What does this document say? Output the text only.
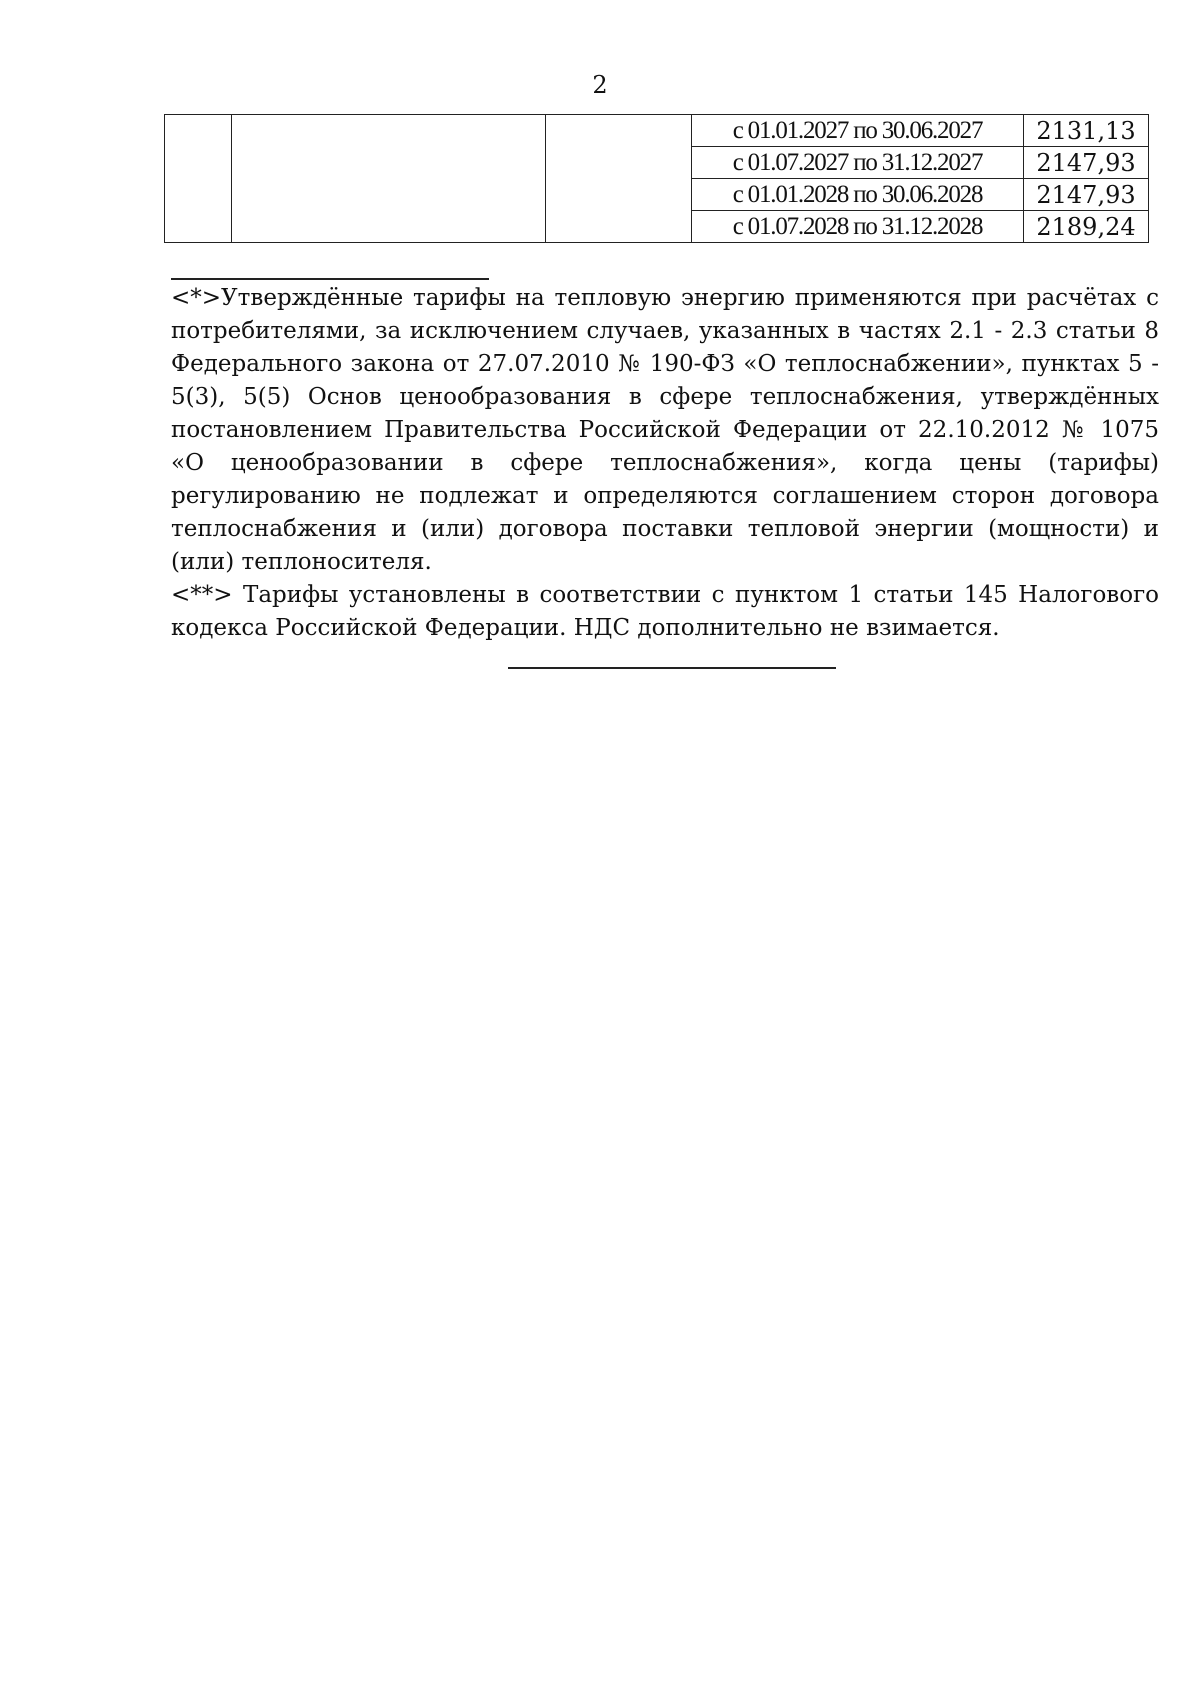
2
			с 01.01.2027 по 30.06.2027	2131,13
			с 01.07.2027 по 31.12.2027	2147,93
			с 01.01.2028 по 30.06.2028	2147,93
			с 01.07.2028 по 31.12.2028	2189,24

<*>Утверждённые тарифы на тепловую энергию применяются при расчётах с потребителями, за исключением случаев, указанных в частях 2.1 - 2.3 статьи 8 Федерального закона от 27.07.2010 № 190-ФЗ «О теплоснабжении», пунктах 5 - 5(3), 5(5) Основ ценообразования в сфере теплоснабжения, утверждённых постановлением Правительства Российской Федерации от 22.10.2012 № 1075 «О ценообразовании в сфере теплоснабжения», когда цены (тарифы) регулированию не подлежат и определяются соглашением сторон договора теплоснабжения и (или) договора поставки тепловой энергии (мощности) и (или) теплоносителя.

<**> Тарифы установлены в соответствии с пунктом 1 статьи 145 Налогового кодекса Российской Федерации. НДС дополнительно не взимается.
